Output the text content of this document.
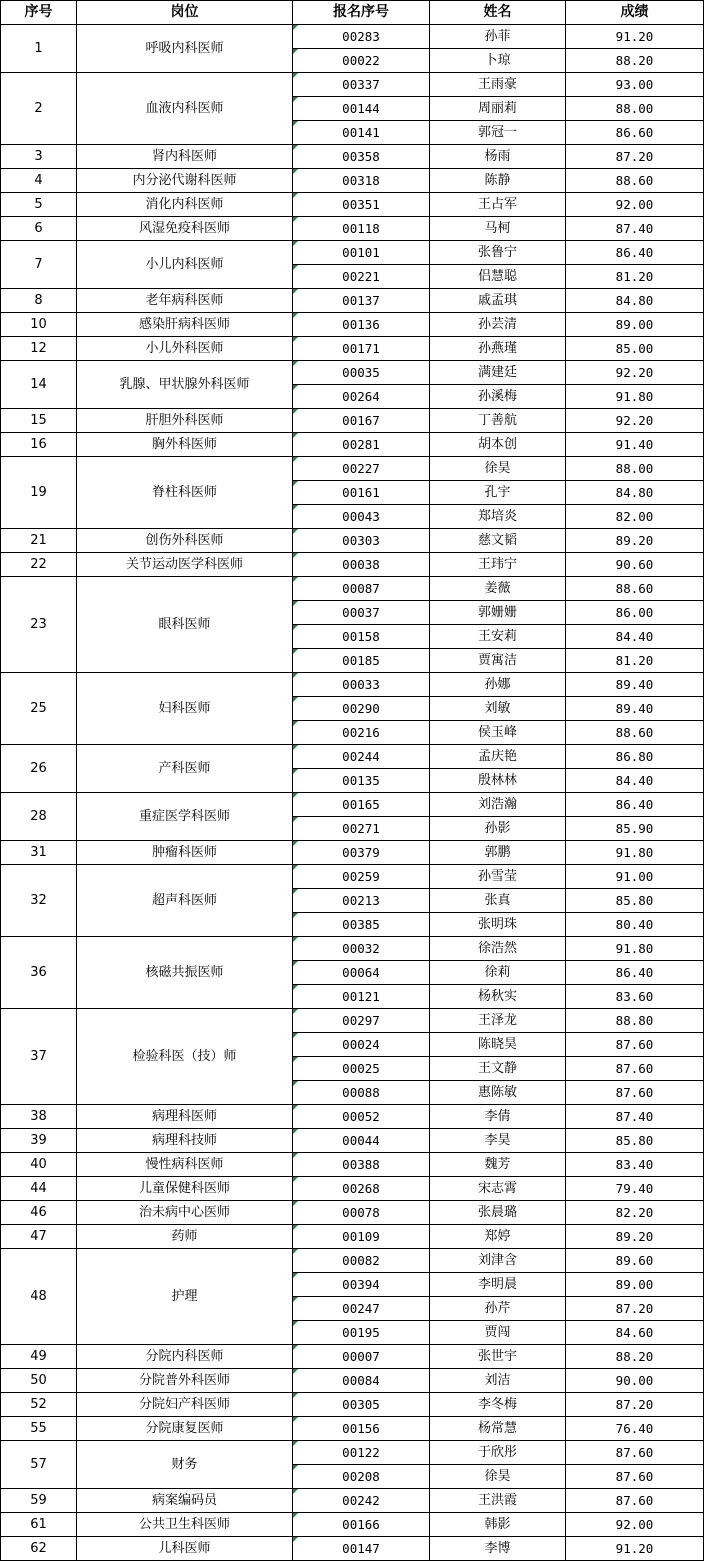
序号	岗位	报名序号	姓名	成绩
1	呼吸内科医师	00283	孙菲	91.20
		00022	卜琼	88.20
2	血液内科医师	00337	王雨豪	93.00
		00144	周丽莉	88.00
		00141	郭冠一	86.60
3	肾内科医师	00358	杨雨	87.20
4	内分泌代谢科医师	00318	陈静	88.60
5	消化内科医师	00351	王占军	92.00
6	风湿免疫科医师	00118	马柯	87.40
7	小儿内科医师	00101	张鲁宁	86.40
		00221	侣慧聪	81.20
8	老年病科医师	00137	戚孟琪	84.80
10	感染肝病科医师	00136	孙芸清	89.00
12	小儿外科医师	00171	孙燕瑾	85.00
14	乳腺、甲状腺外科医师	00035	满建廷	92.20
		00264	孙溪梅	91.80
15	肝胆外科医师	00167	丁善航	92.20
16	胸外科医师	00281	胡本创	91.40
19	脊柱科医师	00227	徐昊	88.00
		00161	孔宇	84.80
		00043	郑培炎	82.00
21	创伤外科医师	00303	慈文韬	89.20
22	关节运动医学科医师	00038	王玮宁	90.60
23	眼科医师	00087	姜薇	88.60
		00037	郭姗姗	86.00
		00158	王安莉	84.40
		00185	贾寓洁	81.20
25	妇科医师	00033	孙娜	89.40
		00290	刘敏	89.40
		00216	侯玉峰	88.60
26	产科医师	00244	孟庆艳	86.80
		00135	殷林林	84.40
28	重症医学科医师	00165	刘浩瀚	86.40
		00271	孙影	85.90
31	肿瘤科医师	00379	郭鹏	91.80
32	超声科医师	00259	孙雪莹	91.00
		00213	张真	85.80
		00385	张明珠	80.40
36	核磁共振医师	00032	徐浩然	91.80
		00064	徐莉	86.40
		00121	杨秋实	83.60
37	检验科医（技）师	00297	王泽龙	88.80
		00024	陈晓昊	87.60
		00025	王文静	87.60
		00088	惠陈敏	87.60
38	病理科医师	00052	李倩	87.40
39	病理科技师	00044	李昊	85.80
40	慢性病科医师	00388	魏芳	83.40
44	儿童保健科医师	00268	宋志霄	79.40
46	治未病中心医师	00078	张晨璐	82.20
47	药师	00109	郑婷	89.20
48	护理	00082	刘津含	89.60
		00394	李明晨	89.00
		00247	孙芹	87.20
		00195	贾闯	84.60
49	分院内科医师	00007	张世宇	88.20
50	分院普外科医师	00084	刘洁	90.00
52	分院妇产科医师	00305	李冬梅	87.20
55	分院康复医师	00156	杨常慧	76.40
57	财务	00122	于欣彤	87.60
		00208	徐昊	87.60
59	病案编码员	00242	王洪霞	87.60
61	公共卫生科医师	00166	韩影	92.00
62	儿科医师	00147	李博	91.20
